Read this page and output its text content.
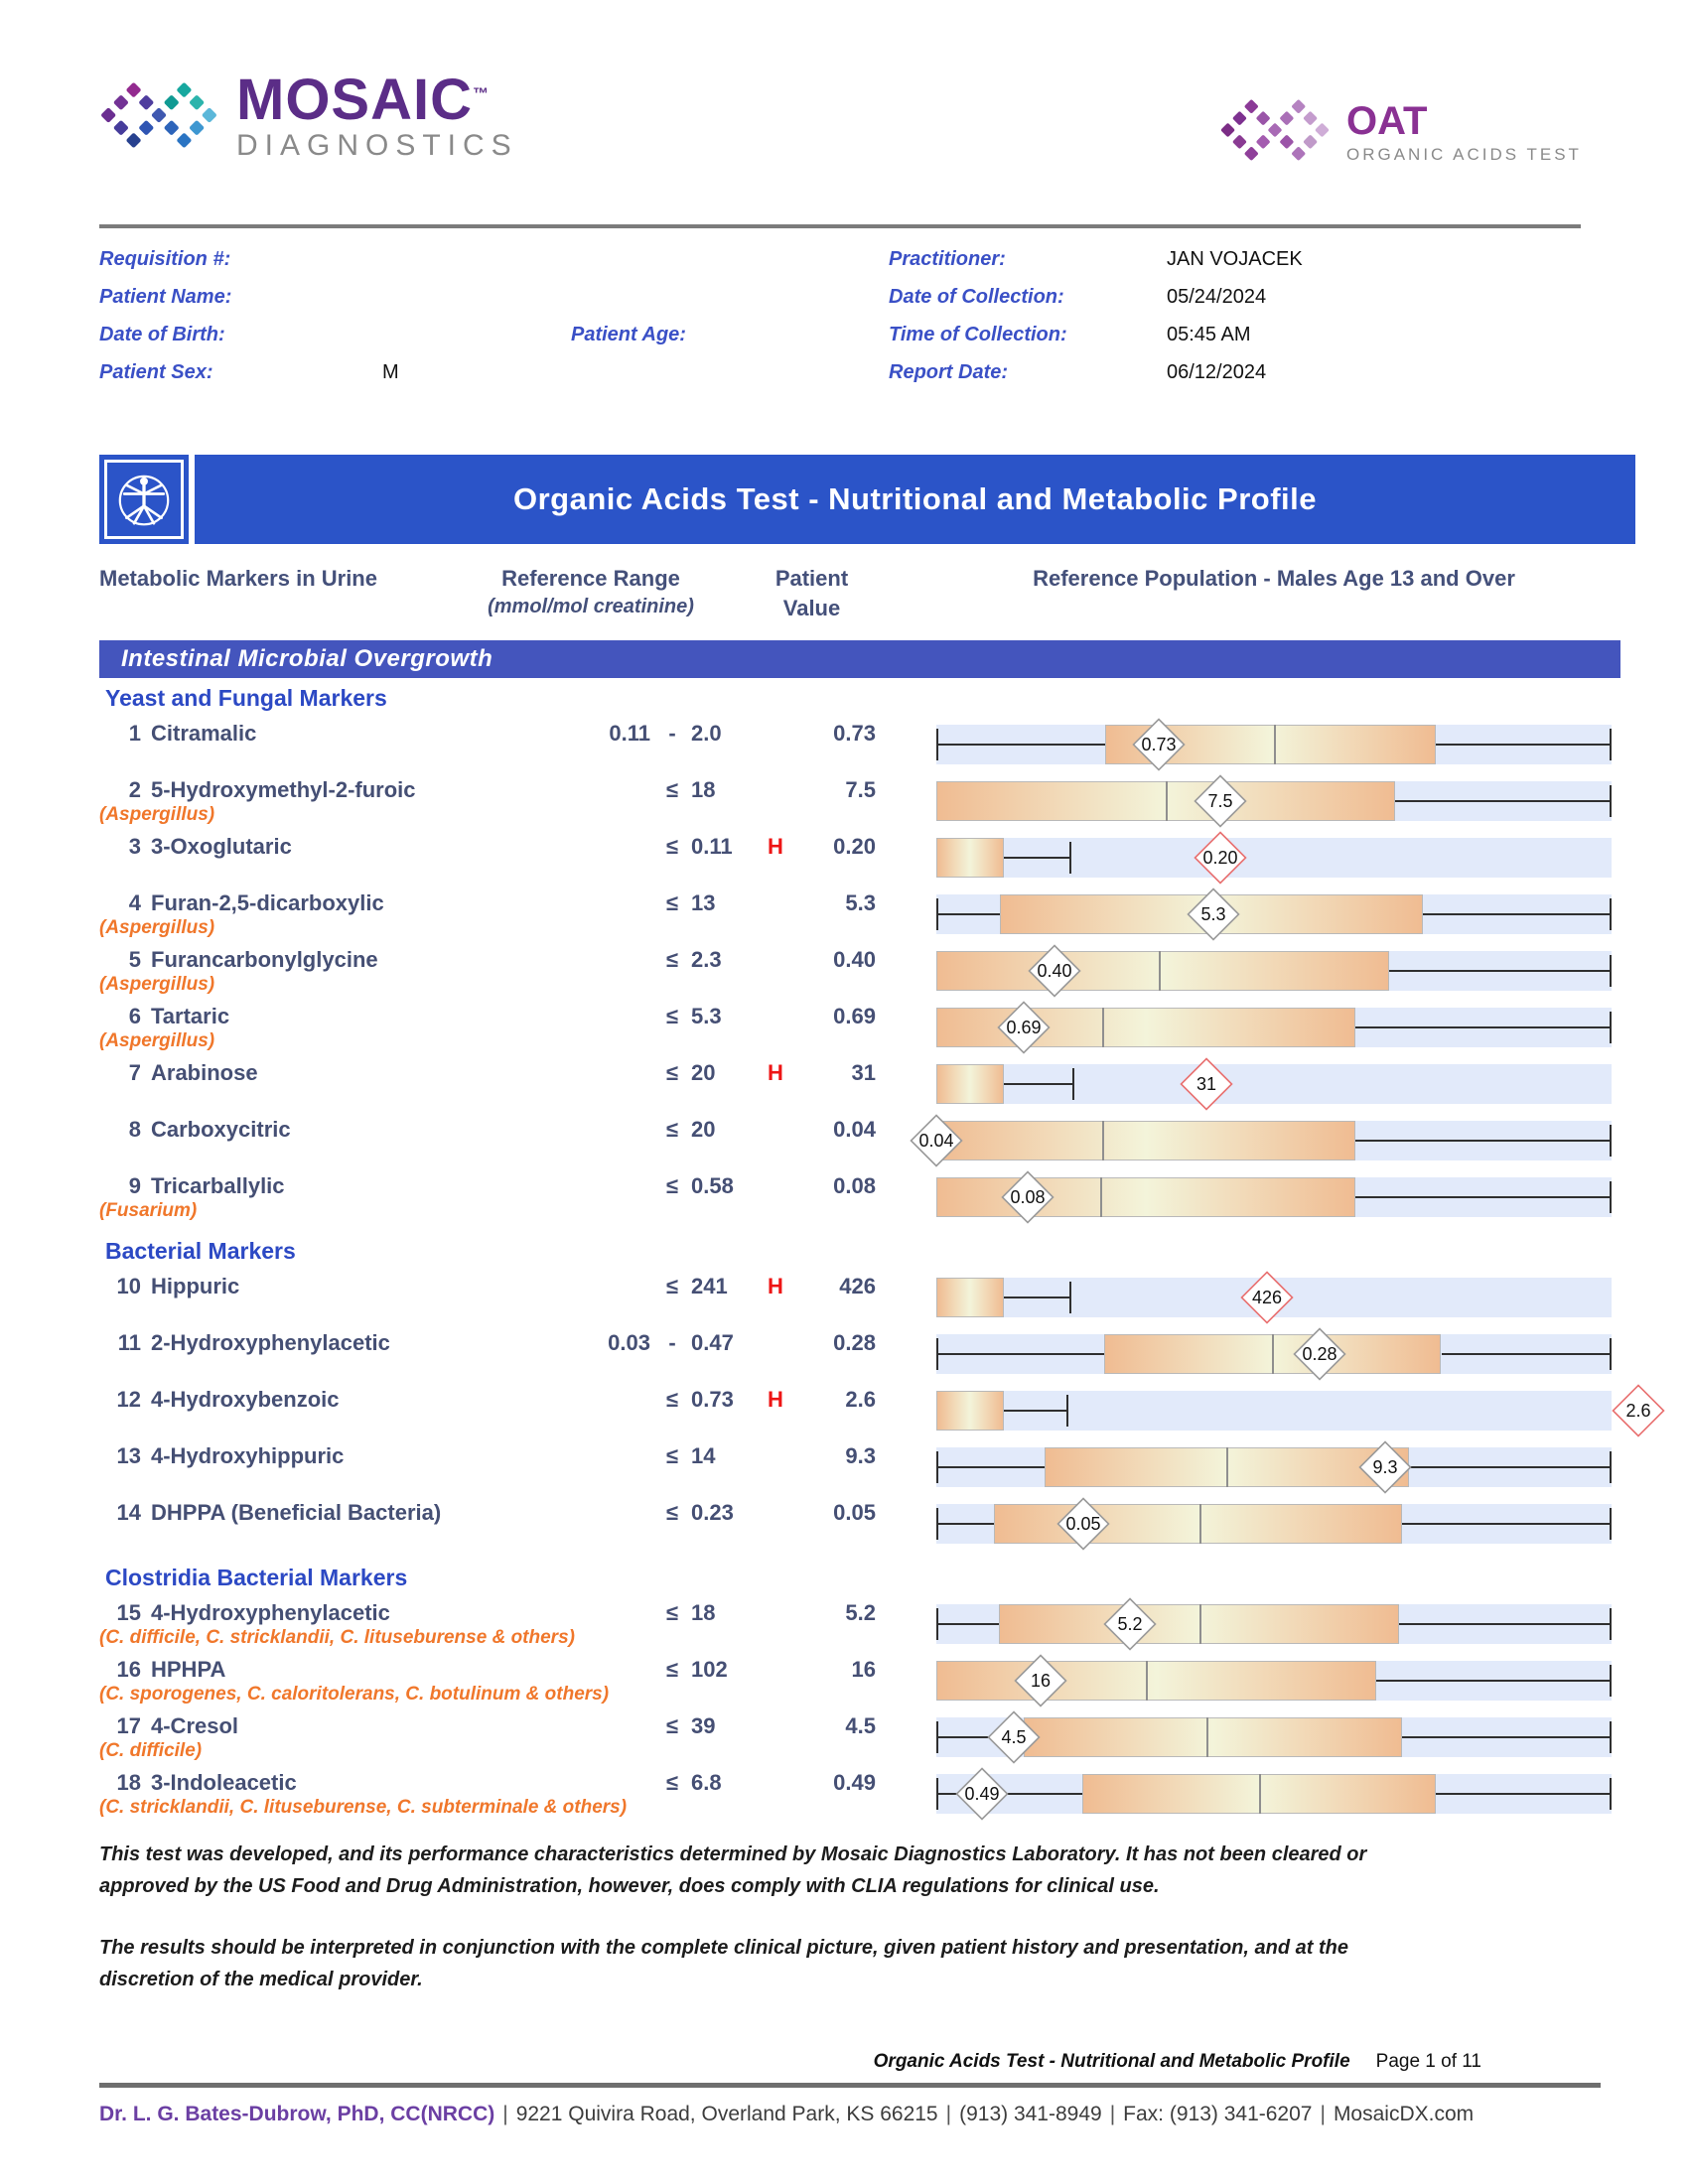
MOSAIC™
DIAGNOSTICS
OAT
ORGANIC ACIDS TEST
Requisition #:
Patient Name:
Date of Birth:	Patient Age:
Patient Sex:	M
Practitioner:	JAN VOJACEK
Date of Collection:	05/24/2024
Time of Collection:	05:45 AM
Report Date:	06/12/2024
Organic Acids Test - Nutritional and Metabolic Profile
Metabolic Markers in Urine	Reference Range
(mmol/mol creatinine)
Patient
Value
Reference Population - Males Age 13 and Over
Intestinal Microbial Overgrowth
Yeast and Fungal Markers
1 Citramalic	0.11 - 2.0	0.73	0.73
2 5-Hydroxymethyl-2-furoic
(Aspergillus)
≤ 18	7.5	7.5
3 3-Oxoglutaric	≤ 0.11	H	0.20	0.20
4 Furan-2,5-dicarboxylic
(Aspergillus)
≤ 13	5.3	5.3
5 Furancarbonylglycine
(Aspergillus)
≤ 2.3	0.40	0.40
6 Tartaric
(Aspergillus)
≤ 5.3	0.69	0.69
7 Arabinose	≤ 20	H	31	31
8 Carboxycitric	≤ 20	0.04	0.04
9 Tricarballylic
(Fusarium)
≤ 0.58	0.08	0.08
Bacterial Markers
10 Hippuric	≤ 241	H	426	426
11 2-Hydroxyphenylacetic	0.03 - 0.47	0.28	0.28
12 4-Hydroxybenzoic	≤ 0.73	H	2.6	2.6
13 4-Hydroxyhippuric	≤ 14	9.3	9.3
14 DHPPA (Beneficial Bacteria)	≤ 0.23	0.05	0.05
Clostridia Bacterial Markers
15 4-Hydroxyphenylacetic
(C. difficile, C. stricklandii, C. lituseburense & others)
≤ 18	5.2	5.2
16 HPHPA
(C. sporogenes, C. caloritolerans, C. botulinum & others)
≤ 102	16	16
17 4-Cresol
(C. difficile)
≤ 39	4.5	4.5
18 3-Indoleacetic
(C. stricklandii, C. lituseburense, C. subterminale & others)
≤ 6.8	0.49	0.49

This test was developed, and its performance characteristics determined by Mosaic Diagnostics Laboratory. It has not been cleared or approved by the US Food and Drug Administration, however, does comply with CLIA regulations for clinical use.

The results should be interpreted in conjunction with the complete clinical picture, given patient history and presentation, and at the discretion of the medical provider.

Organic Acids Test - Nutritional and Metabolic Profile Page 1 of 11
Dr. L. G. Bates-Dubrow, PhD, CC(NRCC) | 9221 Quivira Road, Overland Park, KS 66215 | (913) 341-8949 | Fax: (913) 341-6207 | MosaicDX.com
